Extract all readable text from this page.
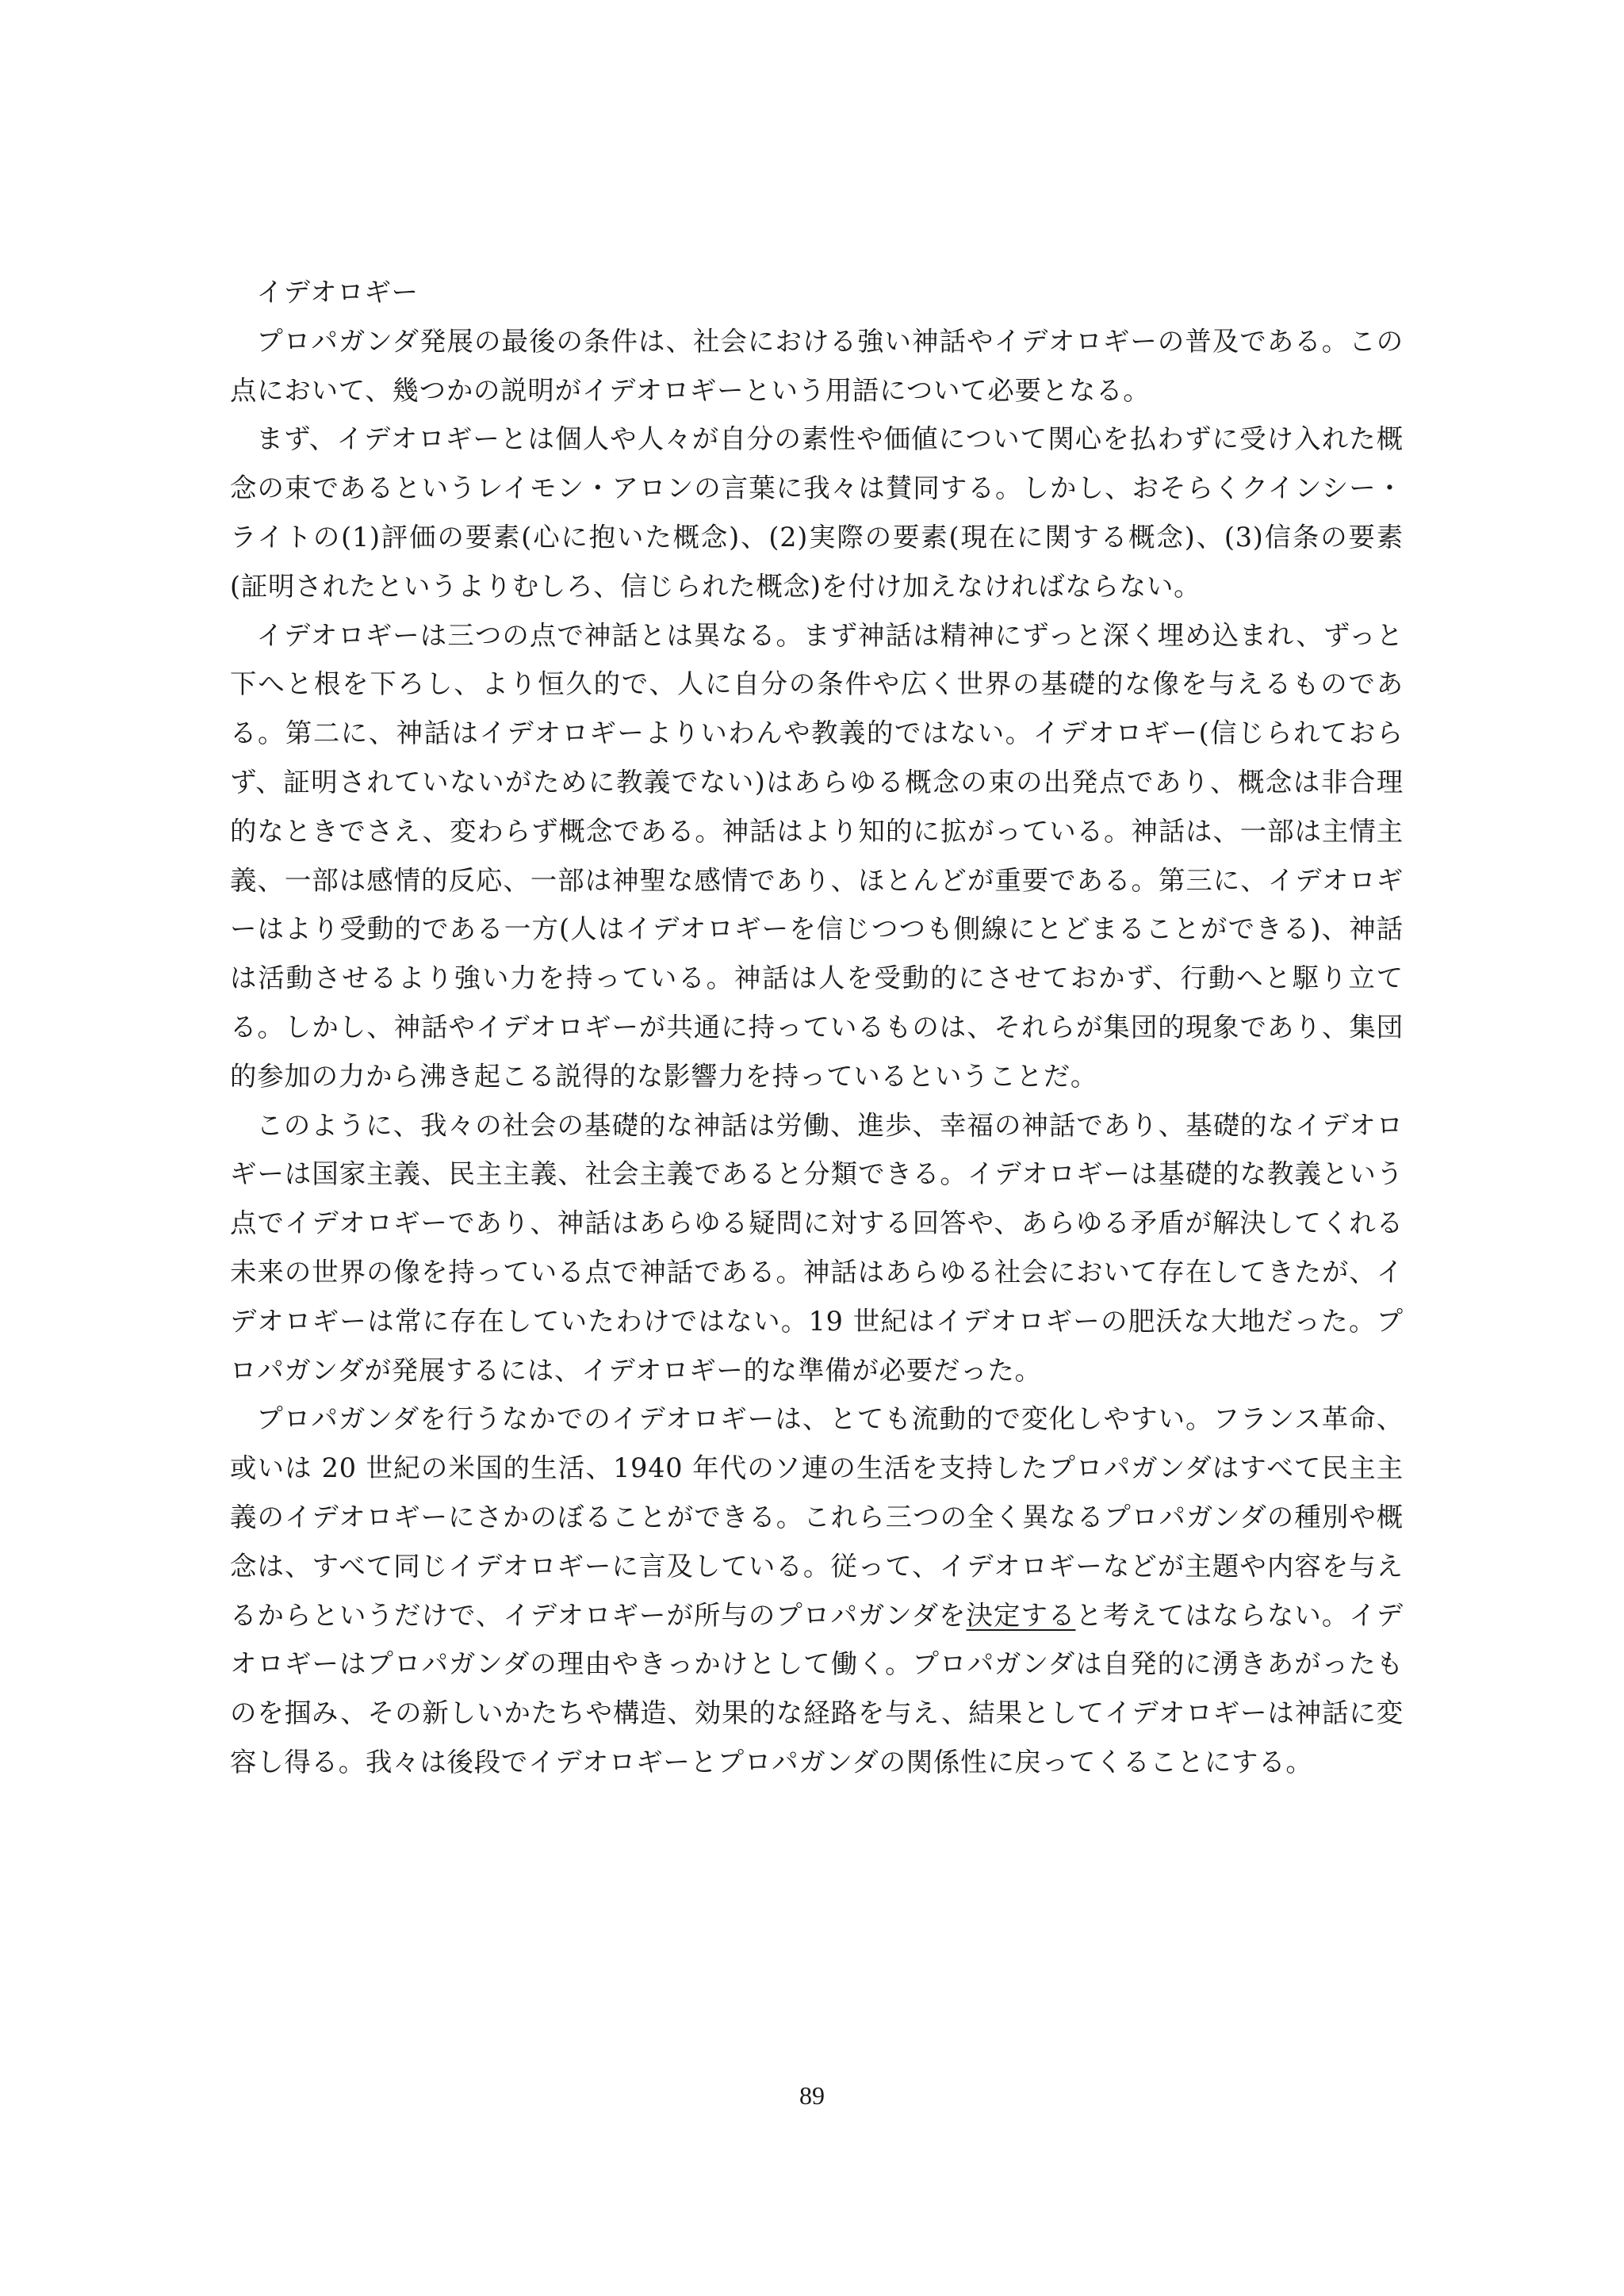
イデオロギー

プロパガンダ発展の最後の条件は、社会における強い神話やイデオロギーの普及である。この点において、幾つかの説明がイデオロギーという用語について必要となる。

まず、イデオロギーとは個人や人々が自分の素性や価値について関心を払わずに受け入れた概念の束であるというレイモン・アロンの言葉に我々は賛同する。しかし、おそらくクインシー・ライトの(1)評価の要素(心に抱いた概念)、(2)実際の要素(現在に関する概念)、(3)信条の要素(証明されたというよりむしろ、信じられた概念)を付け加えなければならない。

イデオロギーは三つの点で神話とは異なる。まず神話は精神にずっと深く埋め込まれ、ずっと下へと根を下ろし、より恒久的で、人に自分の条件や広く世界の基礎的な像を与えるものである。第二に、神話はイデオロギーよりいわんや教義的ではない。イデオロギー(信じられておらず、証明されていないがために教義でない)はあらゆる概念の束の出発点であり、概念は非合理的なときでさえ、変わらず概念である。神話はより知的に拡がっている。神話は、一部は主情主義、一部は感情的反応、一部は神聖な感情であり、ほとんどが重要である。第三に、イデオロギーはより受動的である一方(人はイデオロギーを信じつつも側線にとどまることができる)、神話は活動させるより強い力を持っている。神話は人を受動的にさせておかず、行動へと駆り立てる。しかし、神話やイデオロギーが共通に持っているものは、それらが集団的現象であり、集団的参加の力から沸き起こる説得的な影響力を持っているということだ。

このように、我々の社会の基礎的な神話は労働、進歩、幸福の神話であり、基礎的なイデオロギーは国家主義、民主主義、社会主義であると分類できる。イデオロギーは基礎的な教義という点でイデオロギーであり、神話はあらゆる疑問に対する回答や、あらゆる矛盾が解決してくれる未来の世界の像を持っている点で神話である。神話はあらゆる社会において存在してきたが、イデオロギーは常に存在していたわけではない。19 世紀はイデオロギーの肥沃な大地だった。プロパガンダが発展するには、イデオロギー的な準備が必要だった。

プロパガンダを行うなかでのイデオロギーは、とても流動的で変化しやすい。フランス革命、或いは 20 世紀の米国的生活、1940 年代のソ連の生活を支持したプロパガンダはすべて民主主義のイデオロギーにさかのぼることができる。これら三つの全く異なるプロパガンダの種別や概念は、すべて同じイデオロギーに言及している。従って、イデオロギーなどが主題や内容を与えるからというだけで、イデオロギーが所与のプロパガンダを決定すると考えてはならない。イデオロギーはプロパガンダの理由やきっかけとして働く。プロパガンダは自発的に湧きあがったものを掴み、その新しいかたちや構造、効果的な経路を与え、結果としてイデオロギーは神話に変容し得る。我々は後段でイデオロギーとプロパガンダの関係性に戻ってくることにする。

89
